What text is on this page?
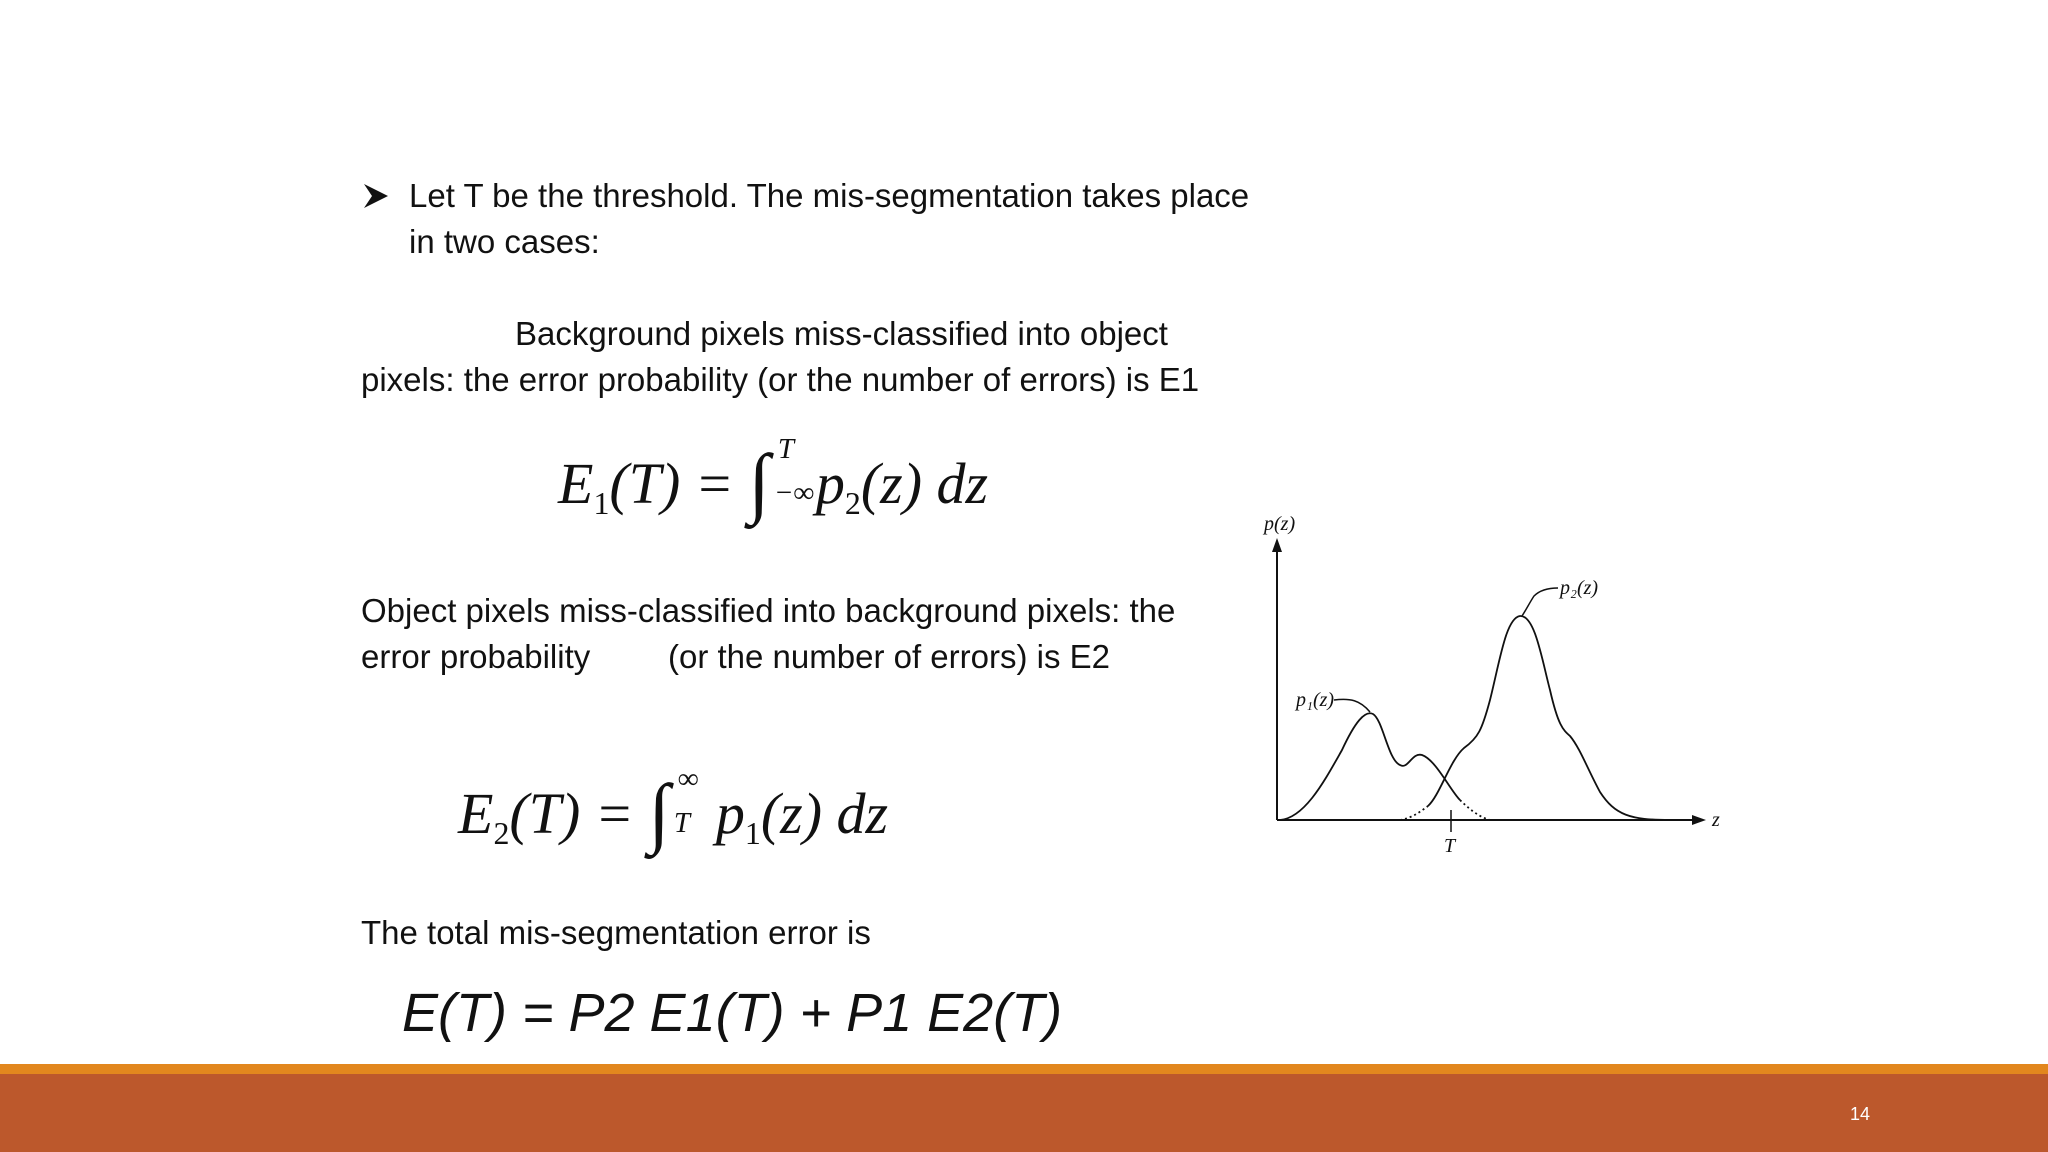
Let T be the threshold. The mis-segmentation takes place
in two cases:
Background pixels miss-classified into object
pixels: the error probability (or the number of errors) is E1
$E_1(T)$ = ∫ T
−∞ $p_2(z)$ dz
Object pixels miss-classified into background pixels: the
error probability (or the number of errors) is E2
$E_2(T)$ = ∫ ∞
T $p_1(z)$ dz
The total mis-segmentation error is
E(T) = P2 E1(T) + P1 E2(T)
p(z)
z
T
p₁(z)
p₂(z)
14
